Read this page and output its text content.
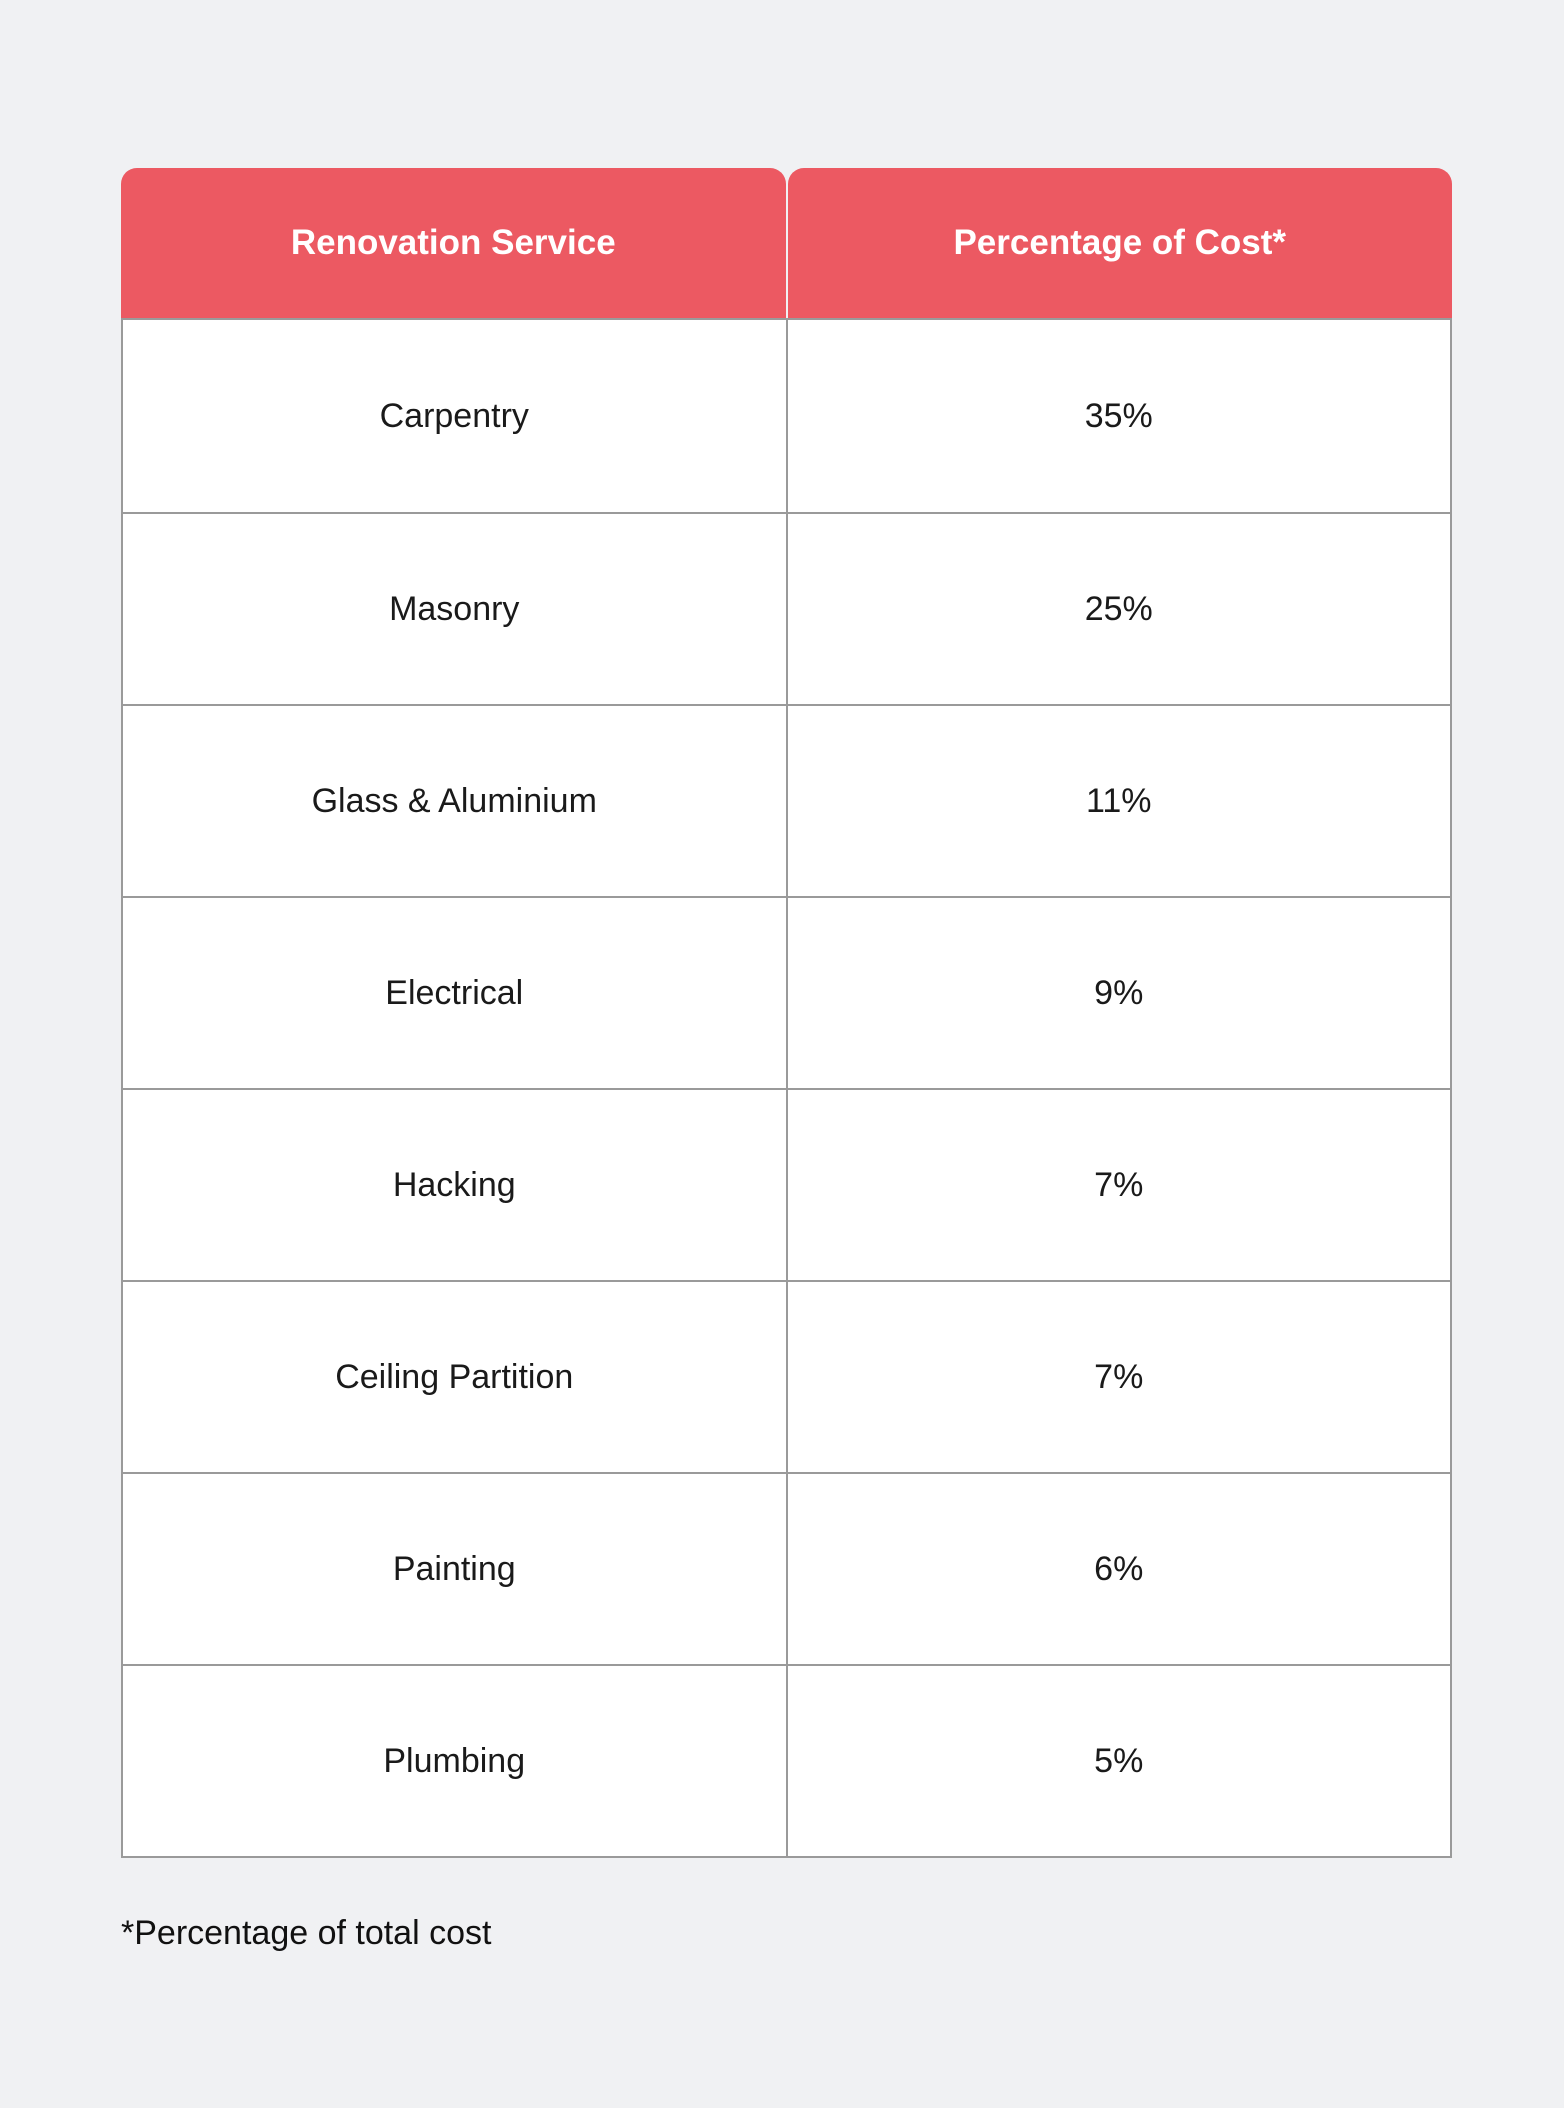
Renovation Service	Percentage of Cost*
Carpentry	35%
Masonry	25%
Glass & Aluminium	11%
Electrical	9%
Hacking	7%
Ceiling Partition	7%
Painting	6%
Plumbing	5%
*Percentage of total cost
